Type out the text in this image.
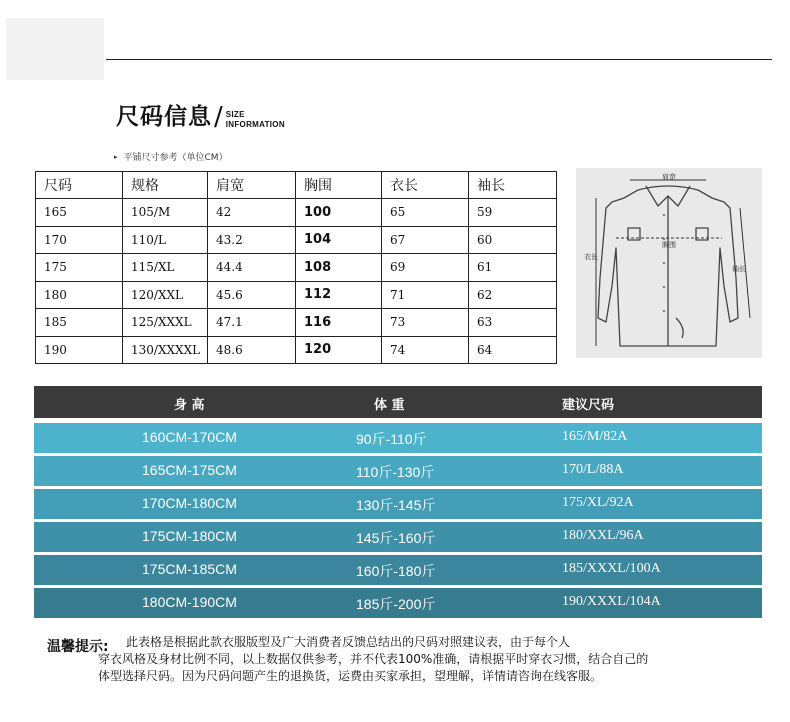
尺码信息 / SIZE
INFORMATION
▸ 平铺尺寸参考（单位CM）
尺码	规格	肩宽	胸围	衣长	袖长
165	105/M	42	100	65	59
170	110/L	43.2	104	67	60
175	115/XL	44.4	108	69	61
180	120/XXL	45.6	112	71	62
185	125/XXXL	47.1	116	73	63
190	130/XXXXL	48.6	120	74	64
肩宽
胸围
衣长
袖长
身 高	体 重	建议尺码
160CM-170CM	90斤-110斤	165/M/82A
165CM-175CM	110斤-130斤	170/L/88A
170CM-180CM	130斤-145斤	175/XL/92A
175CM-180CM	145斤-160斤	180/XXL/96A
175CM-185CM	160斤-180斤	185/XXXL/100A
180CM-190CM	185斤-200斤	190/XXXL/104A
温馨提示: 此表格是根据此款衣服版型及广大消费者反馈总结出的尺码对照建议表，由于每个人
穿衣风格及身材比例不同，以上数据仅供参考，并不代表100%准确，请根据平时穿衣习惯，结合自己的
体型选择尺码。因为尺码问题产生的退换货，运费由买家承担，望理解，详情请咨询在线客服。
